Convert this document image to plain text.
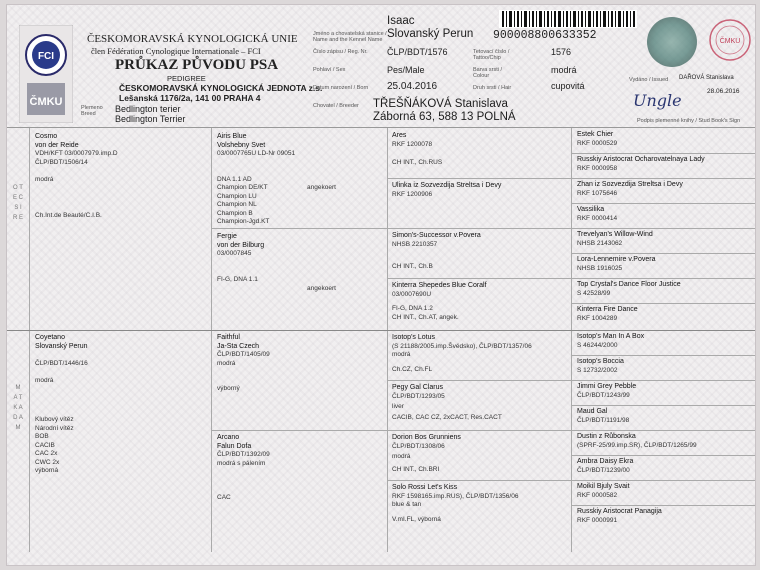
FCI
ČMKU
ČESKOMORAVSKÁ KYNOLOGICKÁ UNIE
člen Fédération Cynologique Internationale – FCI
PRŮKAZ PŮVODU PSA
PEDIGREE
ČESKOMORAVSKÁ KYNOLOGICKÁ JEDNOTA z.s.
Lešanská 1176/2a, 141 00 PRAHA 4
Plemeno
Breed Bedlington terier
Bedlington Terrier
Jméno a chovatelská stanice / Name and the Kennel Name
Číslo zápisu / Reg. Nr.
Pohlaví / Sex
Datum narození / Born
Chovatel / Breeder
Isaac
Slovanský Perun
ČLP/BDT/1576
Pes/Male
25.04.2016
TŘEŠŇÁKOVÁ Stanislava
Záborná 63, 588 13 POLNÁ
Tetovací číslo / Tattoo/Chip
Barva srsti / Colour
Druh srsti / Hair
1576
modrá
cupovitá
900008800633352	ČMKU
Vydáno / Issued DAŘOVÁ Stanislava
28.06.2016
Ungle
Podpis plemenné knihy / Stud Book's Sign
O T E C S I R E
M A T K A D A M
Cosmo
von der Reide
VDH/KFT 03/0007979.imp.D
ČLP/BDT/1506/14

modrá
Ch.Int.de Beauté/C.I.B.
Coyetano
Slovanský Perun

ČLP/BDT/1446/16

modrá
Klubový vítěz
Národní vítěz
BOB
CACIB
CAC 2x
CWC 2x
výborná
Airis Blue
Volshebny Svet
03/0007765U LD-Nr 09051

DNA 1.1 AD
Champion DE/KT
Champion LU
Champion NL
Champion B
Champion-Jgd.KT
angekoert
Fergie
von der Bilburg
03/0007845

FI-G, DNA 1.1
angekoert
Faithful
Ja-Sta Czech
ČLP/BDT/1405/09
modrá

výborný
Arcano
Falun Dofa
ČLP/BDT/1392/09
modrá s pálením

CAC
Ares
RKF 1200078
CH INT., Ch.RUS
Ulinka iz Sozvezdija Streltsa i Devy
RKF 1200906
Simon's-Successor v.Povera
NHSB 2210357
CH INT., Ch.B
Kinterra Shepedes Blue Coralf
03/0007690U
FI-G, DNA 1.2
CH INT., Ch.AT, angek.
Isotop's Lotus
(S 21188/2005.imp.Švédsko), ČLP/BDT/1357/06
modrá
Ch.CZ, Ch.FL
Pegy Gal Clarus
ČLP/BDT/1293/05
liver
CACIB, CAC CZ, 2xCACT, Res.CACT
Dorion Bos Grunniens
ČLP/BDT/1308/06
modrá
CH INT., Ch.BRI
Solo Rossi Let's Kiss
RKF 1598165.imp.RUS), ČLP/BDT/1356/06
blue & tan
V.mI.FL, výborná
Estek Chier
RKF 0000529
Russkiy Aristocrat Ocharovatelnaya Lady
RKF 0000958
Zhan iz Sozvezdija Streltsa i Devy
RKF 1075646
Vassilika
RKF 0000414
Trevelyan's Willow-Wind
NHSB 2143062
Lora-Lennemire v.Povera
NHSB 1916025
Top Crystal's Dance Floor Justice
S 42528/99
Kinterra Fire Dance
RKF 1004289
Isotop's Man In A Box
S 46244/2000
Isotop's Boccia
S 12732/2002
Jimmi Grey Pebble
ČLP/BDT/1243/99
Maud Gal
ČLP/BDT/1191/98
Dustin z Růbonska
(SPRF-25/99.imp.SR), ČLP/BDT/1265/99
Ambra Daisy Ekra
ČLP/BDT/1239/00
Moikil Bjuly Svait
RKF 0000582
Russkiy Aristocrat Panagija
RKF 0000991
